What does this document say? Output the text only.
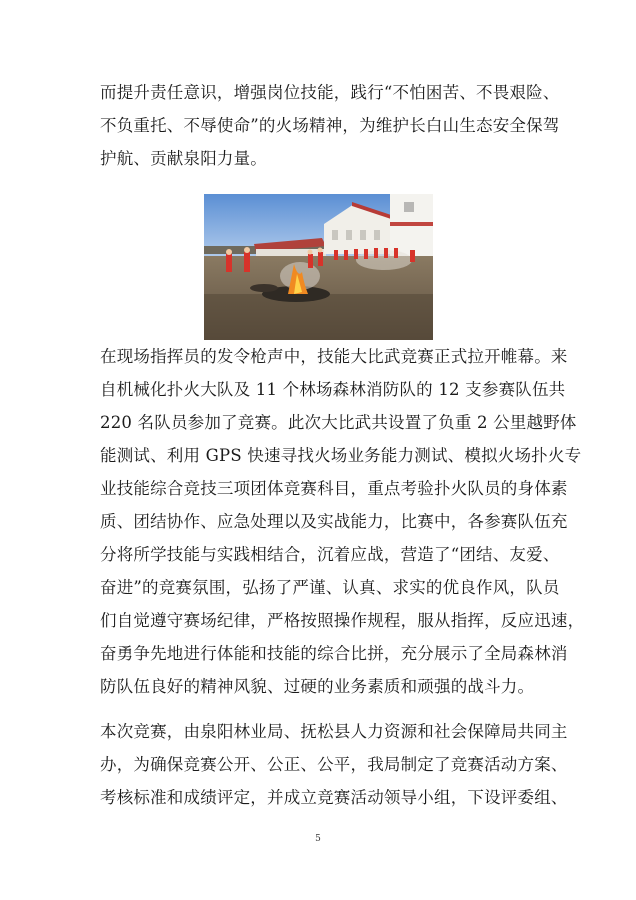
而提升责任意识，增强岗位技能，践行“不怕困苦、不畏艰险、
不负重托、不辱使命”的火场精神，为维护长白山生态安全保驾
护航、贡献泉阳力量。

在现场指挥员的发令枪声中，技能大比武竞赛正式拉开帷幕。来
自机械化扑火大队及 11 个林场森林消防队的 12 支参赛队伍共
220 名队员参加了竞赛。此次大比武共设置了负重 2 公里越野体
能测试、利用 GPS 快速寻找火场业务能力测试、模拟火场扑火专
业技能综合竞技三项团体竞赛科目，重点考验扑火队员的身体素
质、团结协作、应急处理以及实战能力，比赛中，各参赛队伍充
分将所学技能与实践相结合，沉着应战，营造了“团结、友爱、
奋进”的竞赛氛围，弘扬了严谨、认真、求实的优良作风，队员
们自觉遵守赛场纪律，严格按照操作规程，服从指挥，反应迅速，
奋勇争先地进行体能和技能的综合比拼，充分展示了全局森林消
防队伍良好的精神风貌、过硬的业务素质和顽强的战斗力。

本次竞赛，由泉阳林业局、抚松县人力资源和社会保障局共同主
办，为确保竞赛公开、公正、公平，我局制定了竞赛活动方案、
考核标准和成绩评定，并成立竞赛活动领导小组，下设评委组、

5
